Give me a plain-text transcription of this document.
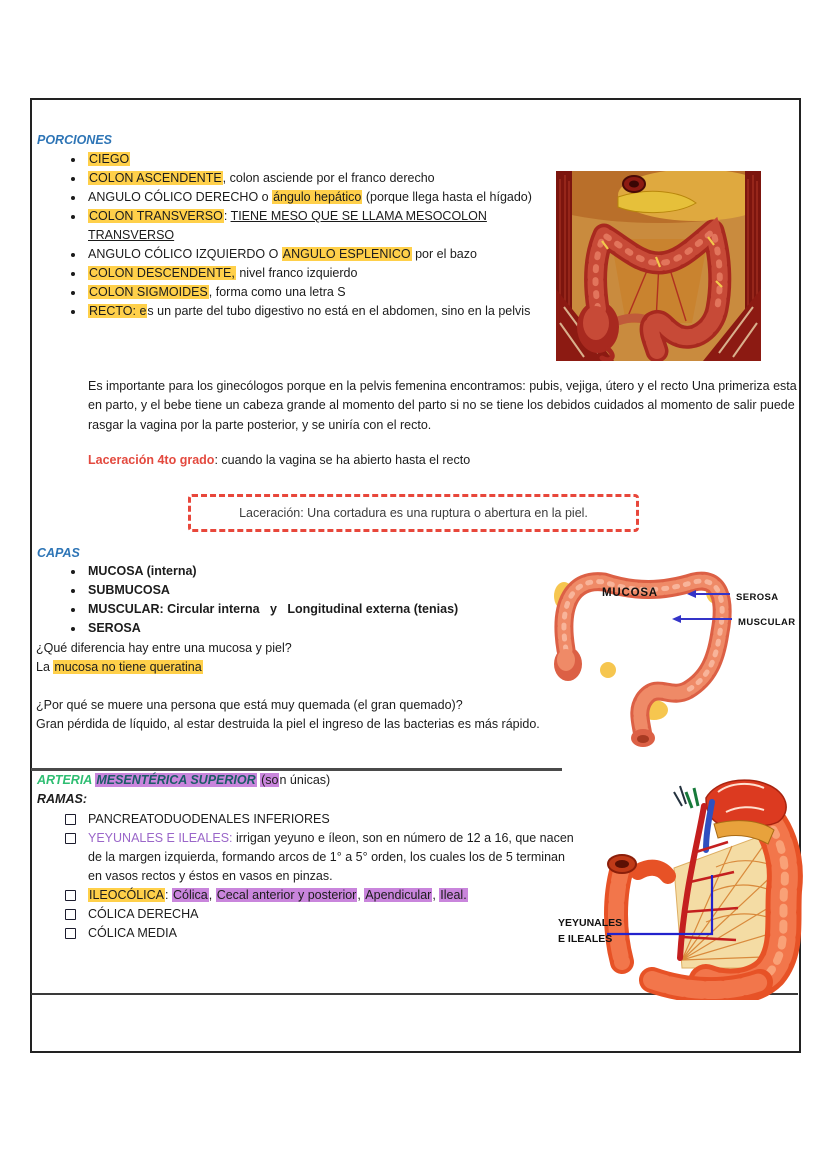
PORCIONES
CIEGO
COLON ASCENDENTE, colon asciende por el franco derecho
ANGULO CÓLICO DERECHO o ángulo hepático (porque llega hasta el hígado)
COLON TRANSVERSO: TIENE MESO QUE SE LLAMA MESOCOLON TRANSVERSO
ANGULO CÓLICO IZQUIERDO O ANGULO ESPLENICO por el bazo
COLON DESCENDENTE, nivel franco izquierdo
COLON SIGMOIDES, forma como una letra S
RECTO: es un parte del tubo digestivo no está en el abdomen, sino en la pelvis
Es importante para los ginecólogos porque en la pelvis femenina encontramos: pubis, vejiga, útero y el recto Una primeriza esta en parto, y el bebe tiene un cabeza grande al momento del parto si no se tiene los debidos cuidados al momento de salir puede rasgar la vagina por la parte posterior, y se uniría con el recto.
Laceración 4to grado: cuando la vagina se ha abierto hasta el recto
Laceración: Una cortadura es una ruptura o abertura en la piel.
CAPAS
MUCOSA (interna)
SUBMUCOSA
MUSCULAR: Circular interna   y   Longitudinal externa (tenias)
SEROSA
¿Qué diferencia hay entre una mucosa y piel?
La mucosa no tiene queratina
¿Por qué se muere una persona que está muy quemada (el gran quemado)?
Gran pérdida de líquido, al estar destruida la piel el ingreso de las bacterias es más rápido.
ARTERIA MESENTÉRICA SUPERIOR (son únicas)
RAMAS:
PANCREATODUODENALES INFERIORES
YEYUNALES E ILEALES: irrigan yeyuno e íleon, son en número de 12 a 16, que nacen de la margen izquierda, formando arcos de 1° a 5° orden, los cuales los de 5 terminan en vasos rectos y éstos en vasos en pinzas.
ILEOCÓLICA: Cólica, Cecal anterior y posterior, Apendicular, Ileal.
CÓLICA DERECHA
CÓLICA MEDIA
MUCOSA	SEROSA
MUSCULAR
YEYUNALES
E ILEALES
